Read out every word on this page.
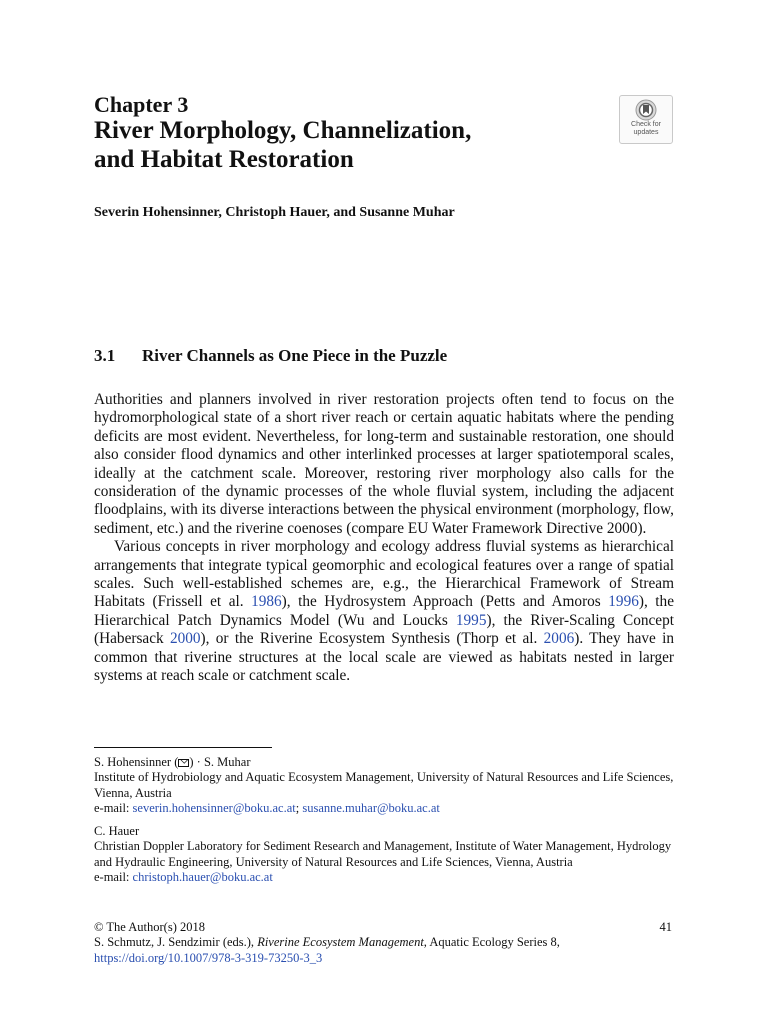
Chapter 3
River Morphology, Channelization,
and Habitat Restoration
Check for
updates
Severin Hohensinner, Christoph Hauer, and Susanne Muhar
3.1 River Channels as One Piece in the Puzzle

Authorities and planners involved in river restoration projects often tend to focus on the hydromorphological state of a short river reach or certain aquatic habitats where the pending deficits are most evident. Nevertheless, for long-term and sustainable restoration, one should also consider flood dynamics and other interlinked processes at larger spatiotemporal scales, ideally at the catchment scale. Moreover, restoring river morphology also calls for the consideration of the dynamic processes of the whole fluvial system, including the adjacent floodplains, with its diverse interactions between the physical environment (morphology, flow, sediment, etc.) and the riverine coenoses (compare EU Water Framework Directive 2000).

Various concepts in river morphology and ecology address fluvial systems as hierarchical arrangements that integrate typical geomorphic and ecological features over a range of spatial scales. Such well-established schemes are, e.g., the Hierarchical Framework of Stream Habitats (Frissell et al. 1986), the Hydrosystem Approach (Petts and Amoros 1996), the Hierarchical Patch Dynamics Model (Wu and Loucks 1995), the River-Scaling Concept (Habersack 2000), or the Riverine Ecosystem Synthesis (Thorp et al. 2006). They have in common that riverine structures at the local scale are viewed as habitats nested in larger systems at reach scale or catchment scale.

S. Hohensinner ( ) · S. Muhar

Institute of Hydrobiology and Aquatic Ecosystem Management, University of Natural Resources and Life Sciences, Vienna, Austria

e-mail: severin.hohensinner@boku.ac.at; susanne.muhar@boku.ac.at

C. Hauer

Christian Doppler Laboratory for Sediment Research and Management, Institute of Water Management, Hydrology and Hydraulic Engineering, University of Natural Resources and Life Sciences, Vienna, Austria

e-mail: christoph.hauer@boku.ac.at

© The Author(s) 2018

S. Schmutz, J. Sendzimir (eds.), Riverine Ecosystem Management, Aquatic Ecology Series 8, https://doi.org/10.1007/978-3-319-73250-3_3

41
